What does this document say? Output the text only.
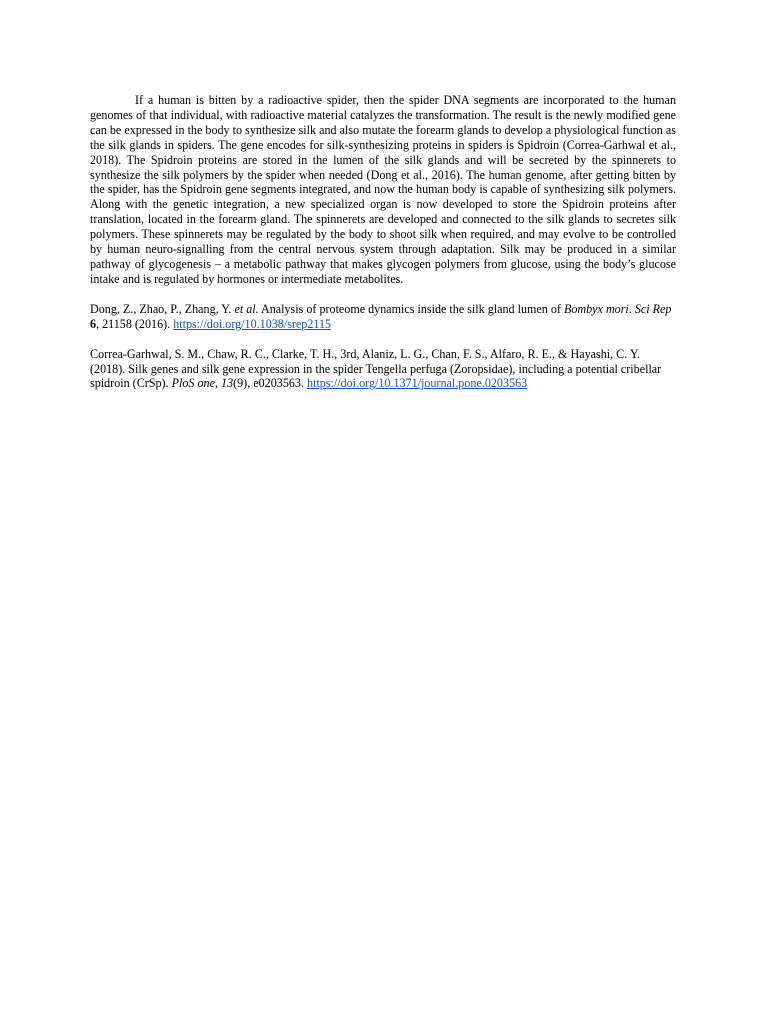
If a human is bitten by a radioactive spider, then the spider DNA segments are incorporated to the human genomes of that individual, with radioactive material catalyzes the transformation. The result is the newly modified gene can be expressed in the body to synthesize silk and also mutate the forearm glands to develop a physiological function as the silk glands in spiders. The gene encodes for silk-synthesizing proteins in spiders is Spidroin (Correa-Garhwal et al., 2018). The Spidroin proteins are stored in the lumen of the silk glands and will be secreted by the spinnerets to synthesize the silk polymers by the spider when needed (Dong et al., 2016). The human genome, after getting bitten by the spider, has the Spidroin gene segments integrated, and now the human body is capable of synthesizing silk polymers. Along with the genetic integration, a new specialized organ is now developed to store the Spidroin proteins after translation, located in the forearm gland. The spinnerets are developed and connected to the silk glands to secretes silk polymers. These spinnerets may be regulated by the body to shoot silk when required, and may evolve to be controlled by human neuro-signalling from the central nervous system through adaptation. Silk may be produced in a similar pathway of glycogenesis – a metabolic pathway that makes glycogen polymers from glucose, using the body’s glucose intake and is regulated by hormones or intermediate metabolites.

Dong, Z., Zhao, P., Zhang, Y. et al. Analysis of proteome dynamics inside the silk gland lumen of Bombyx mori. Sci Rep 6, 21158 (2016). https://doi.org/10.1038/srep2115

Correa-Garhwal, S. M., Chaw, R. C., Clarke, T. H., 3rd, Alaniz, L. G., Chan, F. S., Alfaro, R. E., & Hayashi, C. Y. (2018). Silk genes and silk gene expression in the spider Tengella perfuga (Zoropsidae), including a potential cribellar spidroin (CrSp). PloS one, 13(9), e0203563. https://doi.org/10.1371/journal.pone.0203563
